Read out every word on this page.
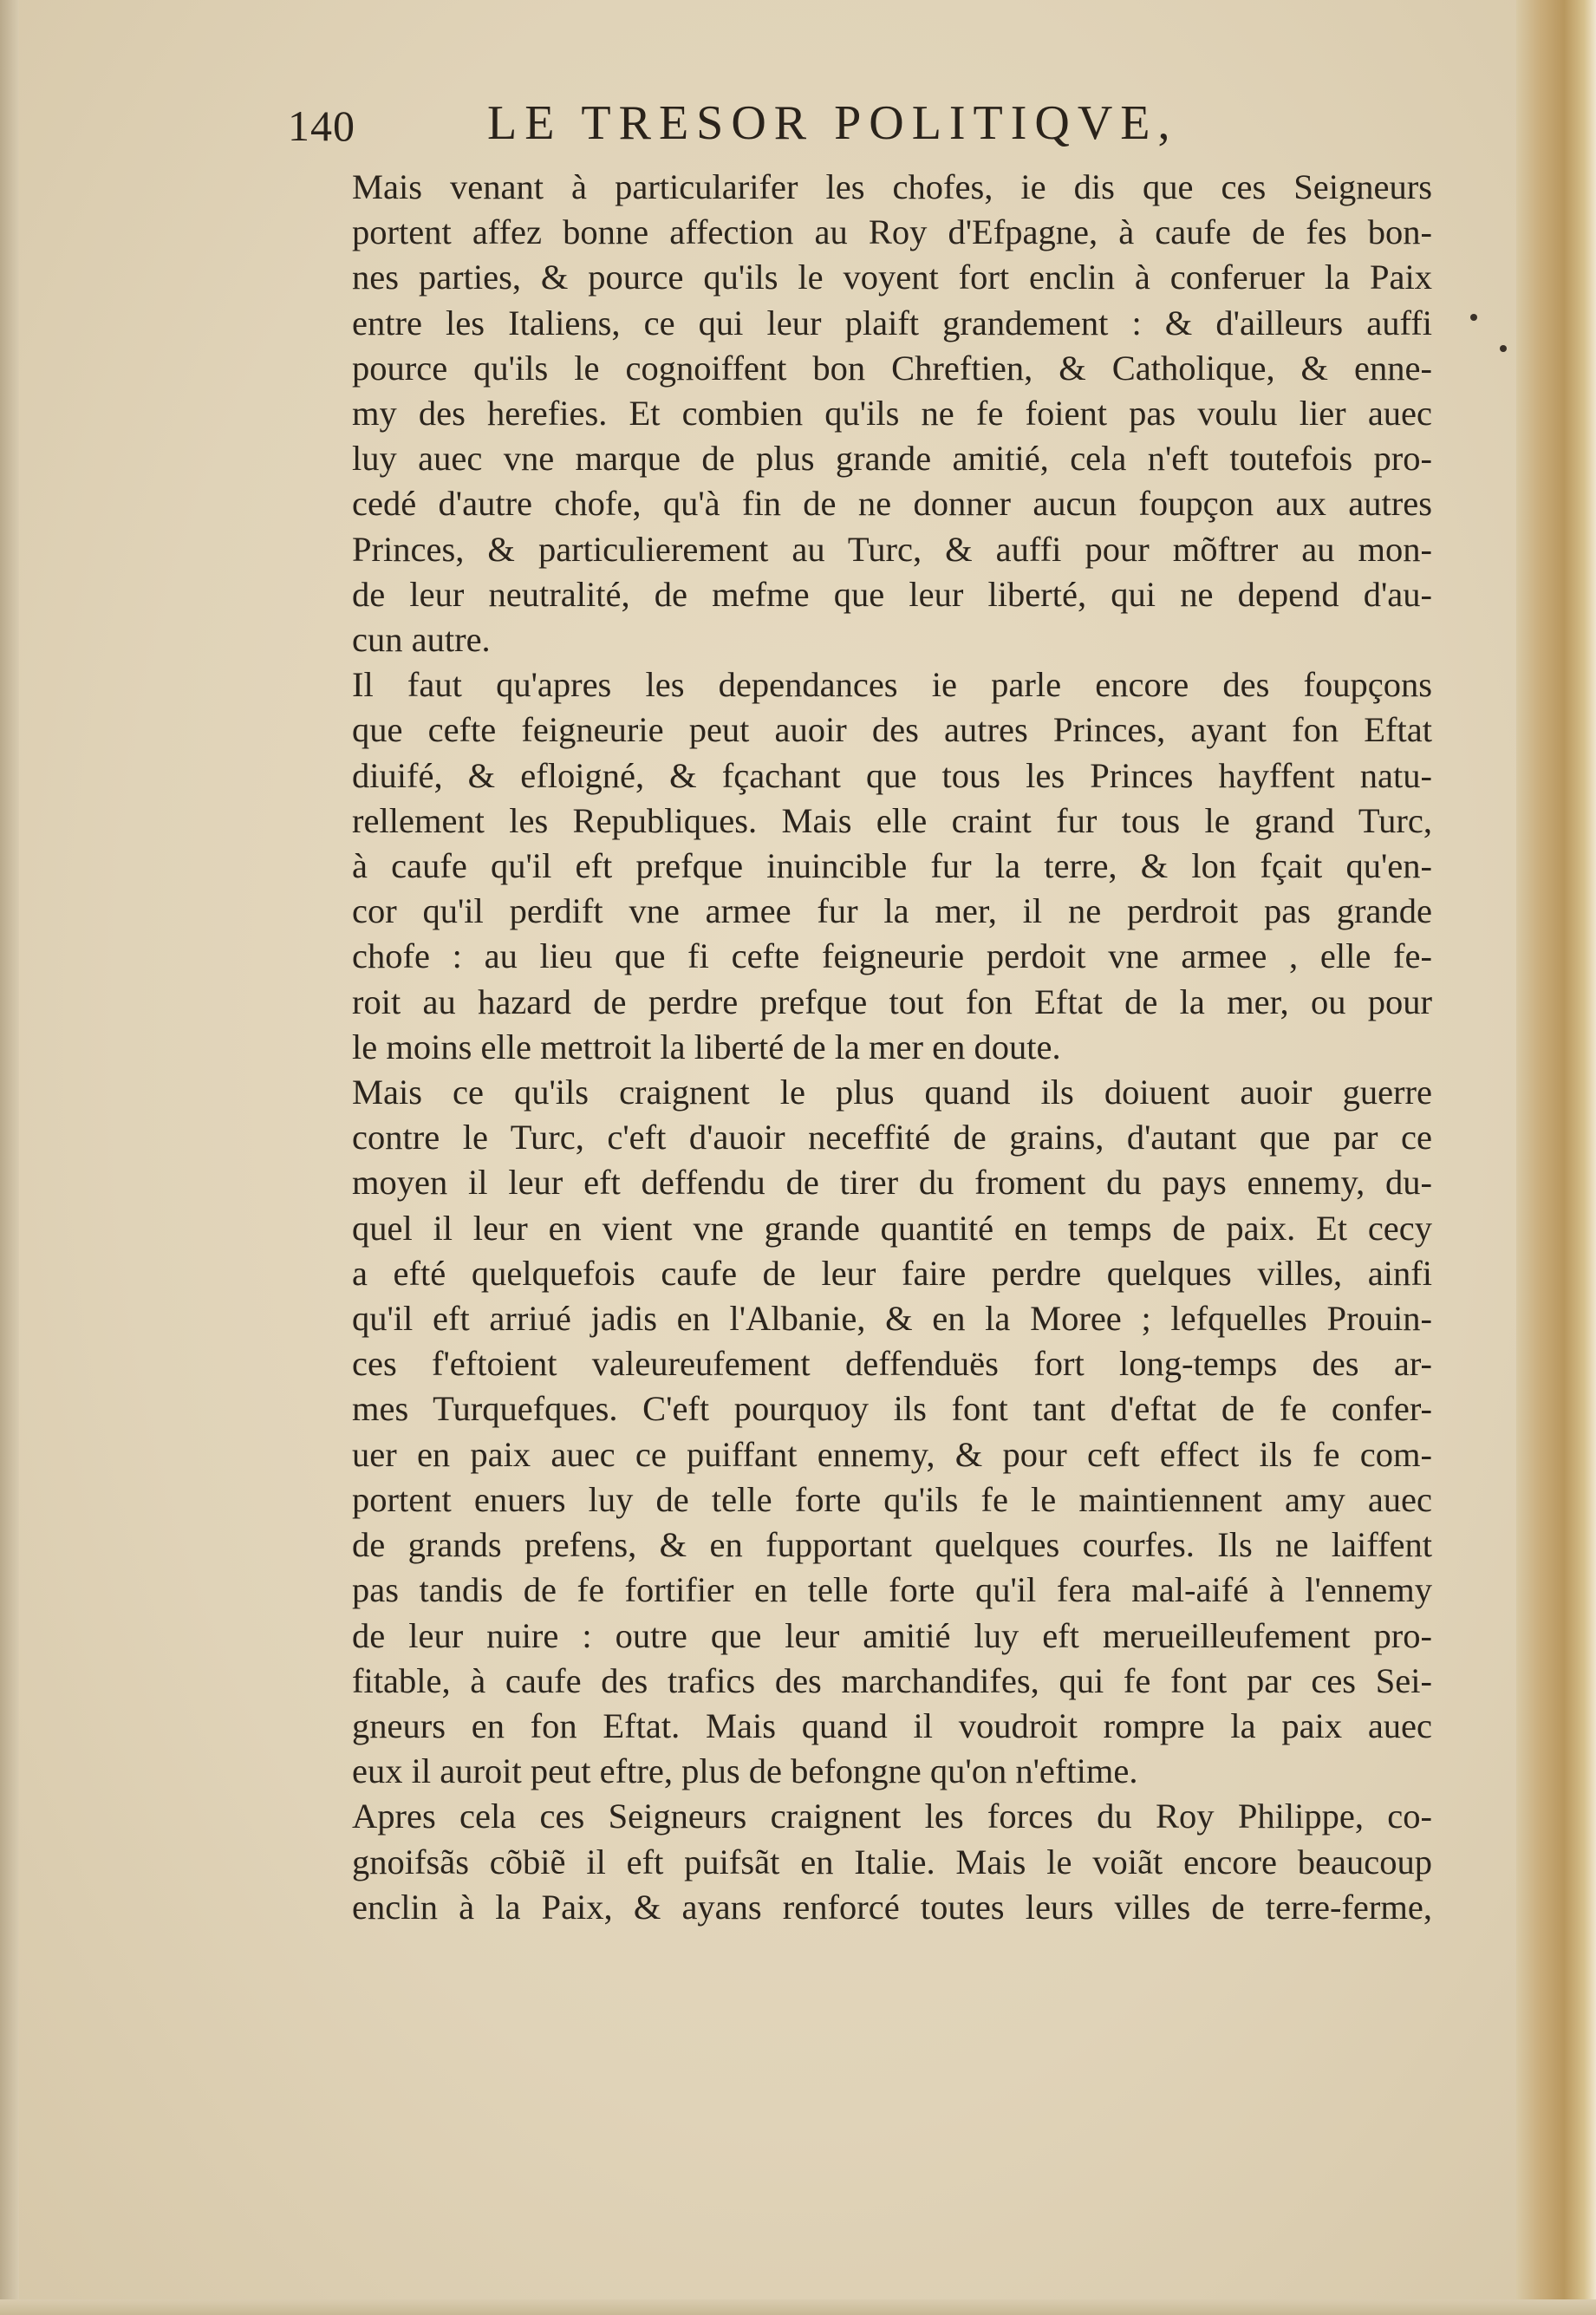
140	LE TRESOR POLITIQVE,

Mais venant à particularifer les chofes, ie dis que ces Seigneurs
portent affez bonne affection au Roy d'Efpagne, à caufe de fes bon-
nes parties, & pource qu'ils le voyent fort enclin à conferuer la Paix
entre les Italiens, ce qui leur plaift grandement : & d'ailleurs auffi
pource qu'ils le cognoiffent bon Chreftien, & Catholique, & enne-
my des herefies. Et combien qu'ils ne fe foient pas voulu lier auec
luy auec vne marque de plus grande amitié, cela n'eft toutefois pro-
cedé d'autre chofe, qu'à fin de ne donner aucun foupçon aux autres
Princes, & particulierement au Turc, & auffi pour mõftrer au mon-
de leur neutralité, de mefme que leur liberté, qui ne depend d'au-
cun autre.

Il faut qu'apres les dependances ie parle encore des foupçons
que cefte feigneurie peut auoir des autres Princes, ayant fon Eftat
diuifé, & efloigné, & fçachant que tous les Princes hayffent natu-
rellement les Republiques. Mais elle craint fur tous le grand Turc,
à caufe qu'il eft prefque inuincible fur la terre, & lon fçait qu'en-
cor qu'il perdift vne armee fur la mer, il ne perdroit pas grande
chofe : au lieu que fi cefte feigneurie perdoit vne armee , elle fe-
roit au hazard de perdre prefque tout fon Eftat de la mer, ou pour
le moins elle mettroit la liberté de la mer en doute.

Mais ce qu'ils craignent le plus quand ils doiuent auoir guerre
contre le Turc, c'eft d'auoir neceffité de grains, d'autant que par ce
moyen il leur eft deffendu de tirer du froment du pays ennemy, du-
quel il leur en vient vne grande quantité en temps de paix. Et cecy
a efté quelquefois caufe de leur faire perdre quelques villes, ainfi
qu'il eft arriué jadis en l'Albanie, & en la Moree ; lefquelles Prouin-
ces f'eftoient valeureufement deffenduës fort long-temps des ar-
mes Turquefques. C'eft pourquoy ils font tant d'eftat de fe confer-
uer en paix auec ce puiffant ennemy, & pour ceft effect ils fe com-
portent enuers luy de telle forte qu'ils fe le maintiennent amy auec
de grands prefens, & en fupportant quelques courfes. Ils ne laiffent
pas tandis de fe fortifier en telle forte qu'il fera mal-aifé à l'ennemy
de leur nuire : outre que leur amitié luy eft merueilleufement pro-
fitable, à caufe des trafics des marchandifes, qui fe font par ces Sei-
gneurs en fon Eftat. Mais quand il voudroit rompre la paix auec
eux il auroit peut eftre, plus de befongne qu'on n'eftime.

Apres cela ces Seigneurs craignent les forces du Roy Philippe, co-
gnoifsãs cõbiẽ il eft puifsãt en Italie. Mais le voiãt encore beaucoup
enclin à la Paix, & ayans renforcé toutes leurs villes de terre-ferme,
